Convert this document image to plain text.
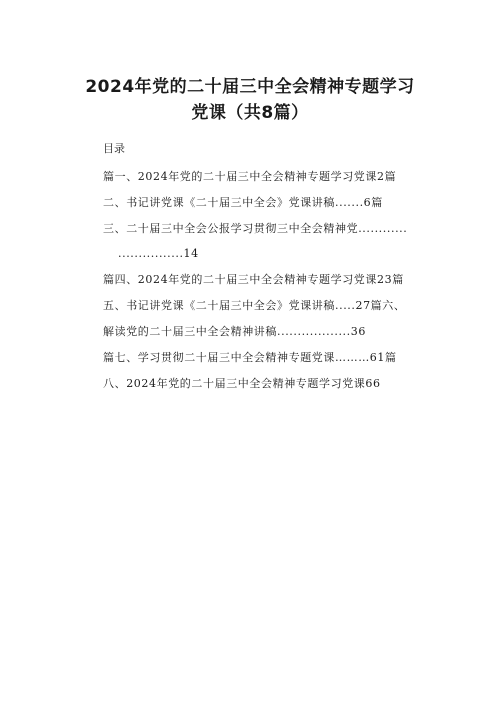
2024年党的二十届三中全会精神专题学习
党课（共8篇）
目录
篇一、2024年党的二十届三中全会精神专题学习党课2篇
二、书记讲党课《二十届三中全会》党课讲稿.......6篇
三、二十届三中全会公报学习贯彻三中全会精神党............
................14
篇四、2024年党的二十届三中全会精神专题学习党课23篇
五、书记讲党课《二十届三中全会》党课讲稿.....27篇六、
解读党的二十届三中全会精神讲稿..................36
篇七、学习贯彻二十届三中全会精神专题党课………61篇
八、2024年党的二十届三中全会精神专题学习党课66
